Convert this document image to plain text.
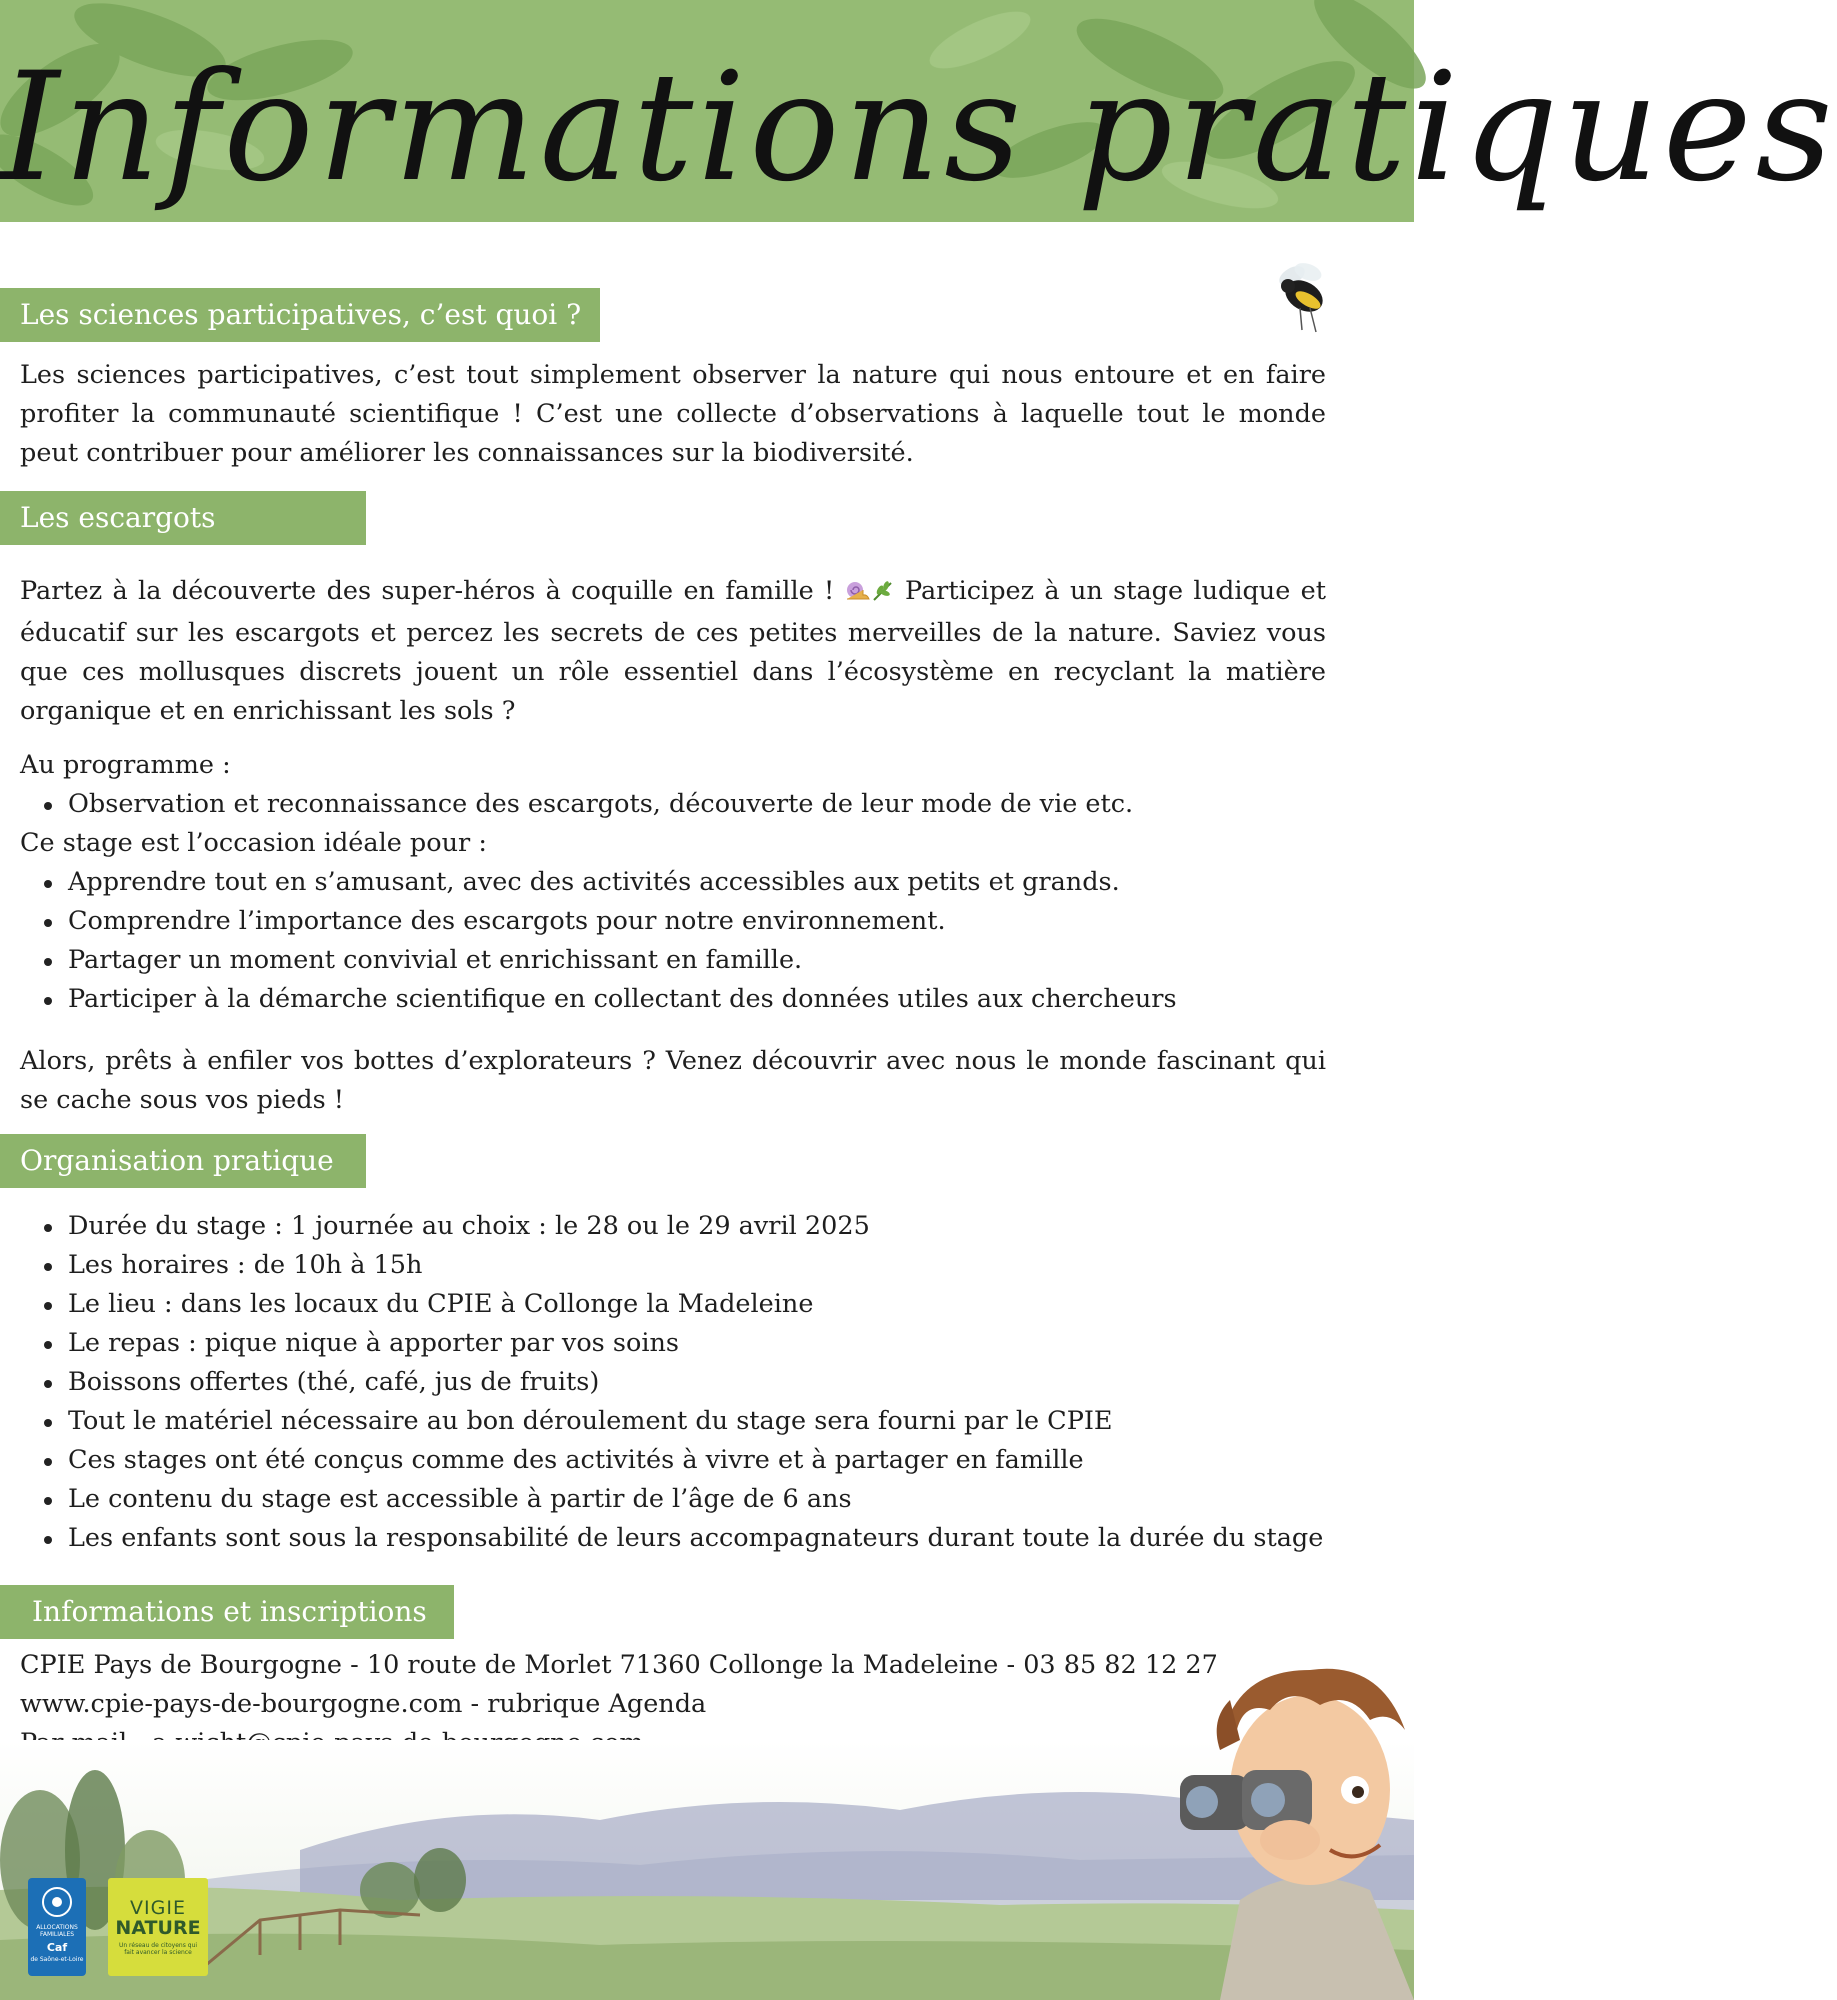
Informations pratiques
Les sciences participatives, c’est quoi ?

Les sciences participatives, c’est tout simplement observer la nature qui nous entoure et en faire profiter la communauté scientifique ! C’est une collecte d’observations à laquelle tout le monde peut contribuer pour améliorer les connaissances sur la biodiversité.

Les escargots

Partez à la découverte des super-héros à coquille en famille !	Participez à un stage ludique et éducatif sur les escargots et percez les secrets de ces petites merveilles de la nature. Saviez vous que ces mollusques discrets jouent un rôle essentiel dans l’écosystème en recyclant la matière organique et en enrichissant les sols ?

Au programme :
Observation et reconnaissance des escargots, découverte de leur mode de vie etc.
Ce stage est l’occasion idéale pour :
Apprendre tout en s’amusant, avec des activités accessibles aux petits et grands.
Comprendre l’importance des escargots pour notre environnement.
Partager un moment convivial et enrichissant en famille.
Participer à la démarche scientifique en collectant des données utiles aux chercheurs

Alors, prêts à enfiler vos bottes d’explorateurs ? Venez découvrir avec nous le monde fascinant qui se cache sous vos pieds !

Organisation pratique
Durée du stage : 1 journée au choix : le 28 ou le 29 avril 2025
Les horaires : de 10h à 15h
Le lieu : dans les locaux du CPIE à Collonge la Madeleine
Le repas : pique nique à apporter par vos soins
Boissons offertes (thé, café, jus de fruits)
Tout le matériel nécessaire au bon déroulement du stage sera fourni par le CPIE
Ces stages ont été conçus comme des activités à vivre et à partager en famille
Le contenu du stage est accessible à partir de l’âge de 6 ans
Les enfants sont sous la responsabilité de leurs accompagnateurs durant toute la durée du stage
Informations et inscriptions
CPIE Pays de Bourgogne - 10 route de Morlet 71360 Collonge la Madeleine - 03 85 82 12 27
www.cpie-pays-de-bourgogne.com - rubrique Agenda
ALLOCATIONS FAMILIALES
Caf
de Saône-et-Loire
VIGIE
NATURE
Un réseau de citoyens qui fait avancer la science
